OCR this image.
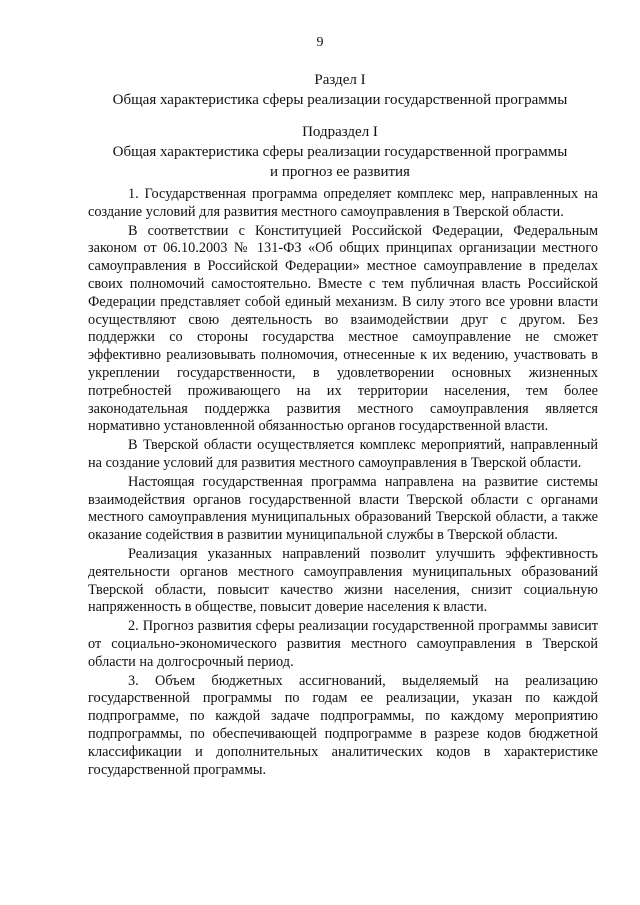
9
Раздел I
Общая характеристика сферы реализации государственной программы
Подраздел I
Общая характеристика сферы реализации государственной программы
и прогноз ее развития

1. Государственная программа определяет комплекс мер, направленных на создание условий для развития местного самоуправления в Тверской области.

В соответствии с Конституцией Российской Федерации, Федеральным законом от 06.10.2003 № 131-ФЗ «Об общих принципах организации местного самоуправления в Российской Федерации» местное самоуправление в пределах своих полномочий самостоятельно. Вместе с тем публичная власть Российской Федерации представляет собой единый механизм. В силу этого все уровни власти осуществляют свою деятельность во взаимодействии друг с другом. Без поддержки со стороны государства местное самоуправление не сможет эффективно реализовывать полномочия, отнесенные к их ведению, участвовать в укреплении государственности, в удовлетворении основных жизненных потребностей проживающего на их территории населения, тем более законодательная поддержка развития местного самоуправления является нормативно установленной обязанностью органов государственной власти.

В Тверской области осуществляется комплекс мероприятий, направленный на создание условий для развития местного самоуправления в Тверской области.

Настоящая государственная программа направлена на развитие системы взаимодействия органов государственной власти Тверской области с органами местного самоуправления муниципальных образований Тверской области, а также оказание содействия в развитии муниципальной службы в Тверской области.

Реализация указанных направлений позволит улучшить эффективность деятельности органов местного самоуправления муниципальных образований Тверской области, повысит качество жизни населения, снизит социальную напряженность в обществе, повысит доверие населения к власти.

2. Прогноз развития сферы реализации государственной программы зависит от социально-экономического развития местного самоуправления в Тверской области на долгосрочный период.

3. Объем бюджетных ассигнований, выделяемый на реализацию государственной программы по годам ее реализации, указан по каждой подпрограмме, по каждой задаче подпрограммы, по каждому мероприятию подпрограммы, по обеспечивающей подпрограмме в разрезе кодов бюджетной классификации и дополнительных аналитических кодов в характеристике государственной программы.
